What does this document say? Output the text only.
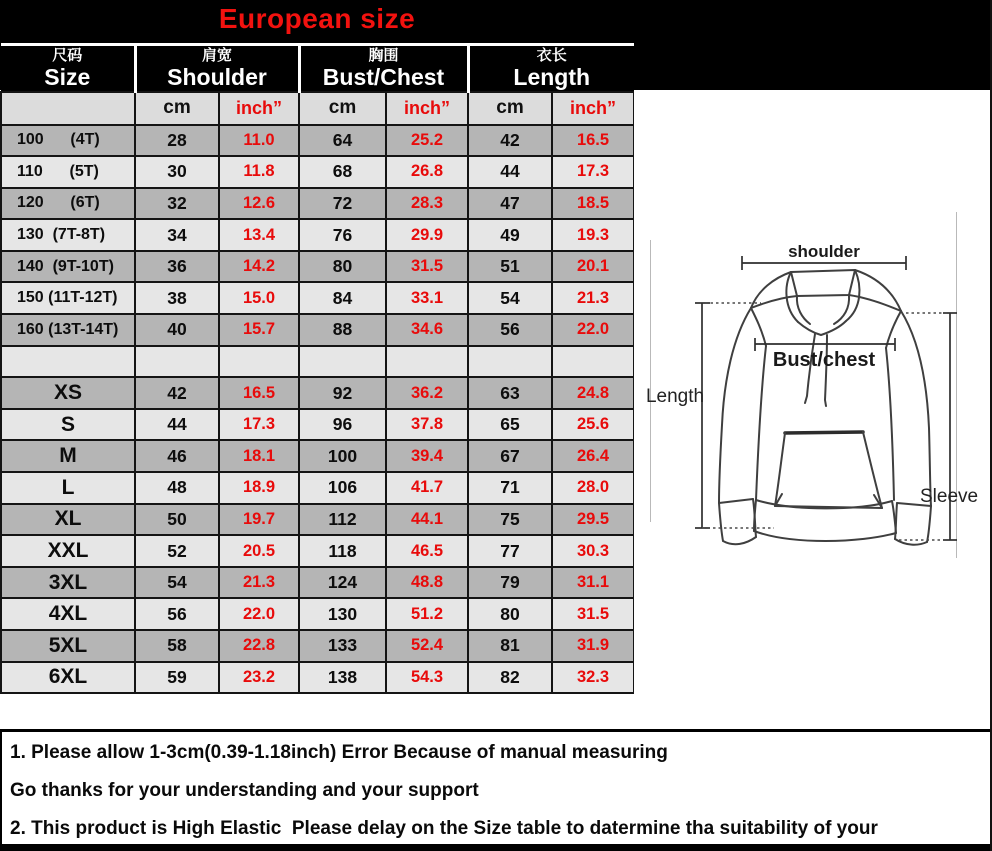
European size
尺码
Size

肩宽
Shoulder

胸围
Bust/Chest

衣长
Length

	cm	inch”	cm	inch”	cm	inch”
100      (4T)	28	11.0	64	25.2	42	16.5
110      (5T)	30	11.8	68	26.8	44	17.3
120      (6T)	32	12.6	72	28.3	47	18.5
130  (7T-8T)	34	13.4	76	29.9	49	19.3
140  (9T-10T)	36	14.2	80	31.5	51	20.1
150 (11T-12T)	38	15.0	84	33.1	54	21.3
160 (13T-14T)	40	15.7	88	34.6	56	22.0

XS	42	16.5	92	36.2	63	24.8
S	44	17.3	96	37.8	65	25.6
M	46	18.1	100	39.4	67	26.4
L	48	18.9	106	41.7	71	28.0
XL	50	19.7	112	44.1	75	29.5
XXL	52	20.5	118	46.5	77	30.3
3XL	54	21.3	124	48.8	79	31.1
4XL	56	22.0	130	51.2	80	31.5
5XL	58	22.8	133	52.4	81	31.9
6XL	59	23.2	138	54.3	82	32.3
shoulder
Bust/chest
Length
Sleeve
1. Please allow 1-3cm(0.39-1.18inch) Error Because of manual measuring
Go thanks for your understanding and your support
2. This product is High Elastic  Please delay on the Size table to datermine tha suitability of your
